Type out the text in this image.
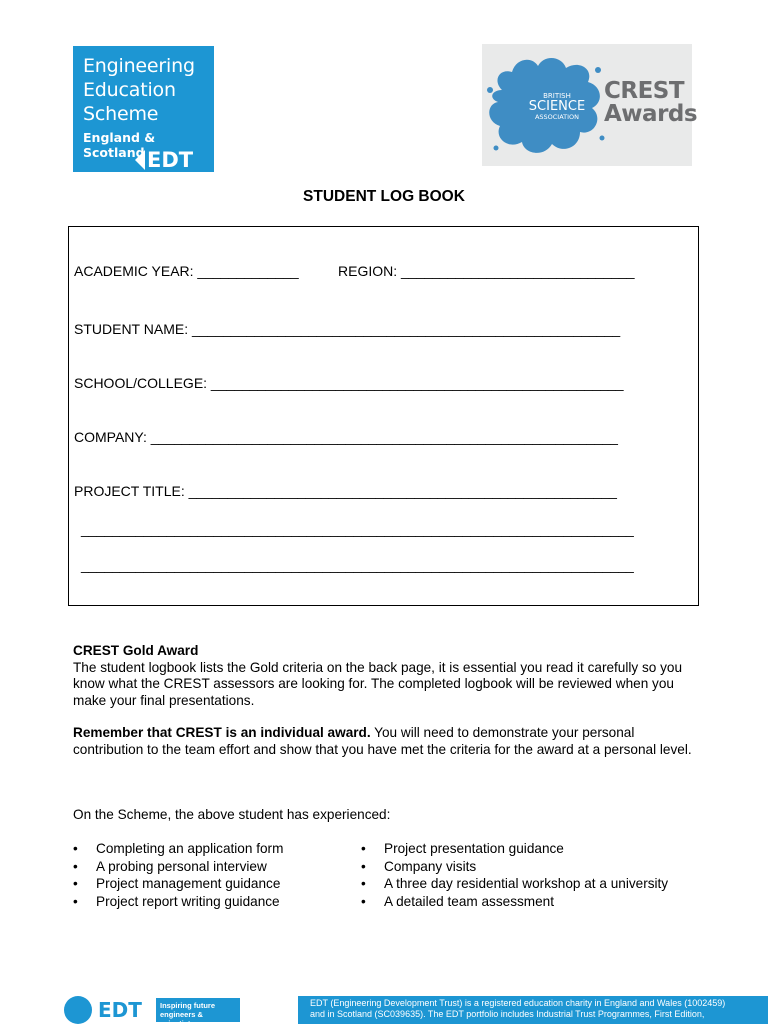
Engineering
Education
Scheme
England & Scotland EDT
BRITISH
SCIENCE
ASSOCIATION
CREST
Awards
STUDENT LOG BOOK
ACADEMIC YEAR: _____________	REGION: ______________________________
STUDENT NAME: _______________________________________________________
SCHOOL/COLLEGE: _____________________________________________________
COMPANY: ____________________________________________________________
PROJECT TITLE: _______________________________________________________
_______________________________________________________________________
_______________________________________________________________________
CREST Gold Award
The student logbook lists the Gold criteria on the back page, it is essential you read it carefully so you know what the CREST assessors are looking for. The completed logbook will be reviewed when you make your final presentations.
Remember that CREST is an individual award. You will need to demonstrate your personal contribution to the team effort and show that you have met the criteria for the award at a personal level.
On the Scheme, the above student has experienced:
• Completing an application form
• A probing personal interview
• Project management guidance
• Project report writing guidance
• Project presentation guidance
• Company visits
• A three day residential workshop at a university
• A detailed team assessment
EDT Inspiring future
engineers & scientists
EDT (Engineering Development Trust) is a registered education charity in England and Wales (1002459)
and in Scotland (SC039635). The EDT portfolio includes Industrial Trust Programmes, First Edition,
